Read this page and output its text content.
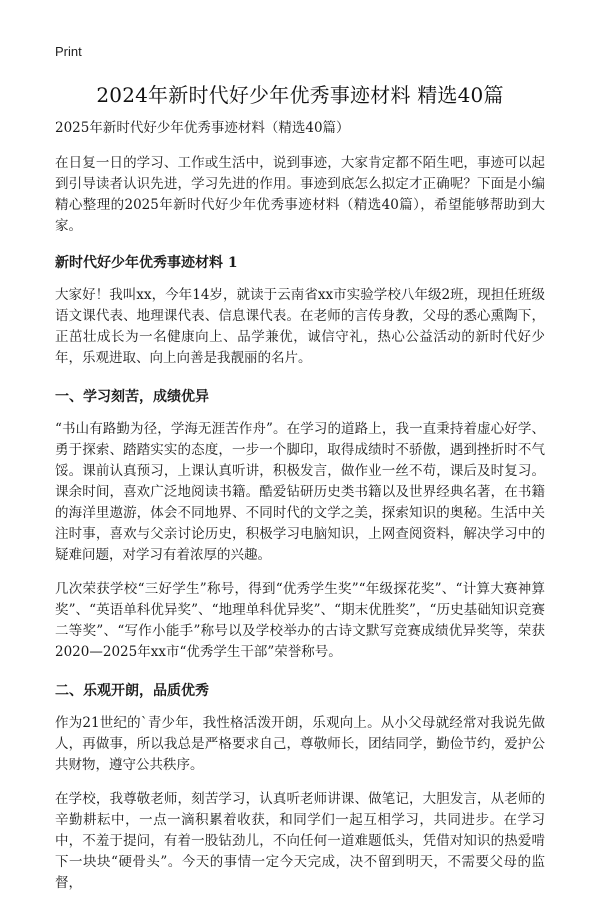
Print
2024年新时代好少年优秀事迹材料 精选40篇

2025年新时代好少年优秀事迹材料（精选40篇）

在日复一日的学习、工作或生活中，说到事迹，大家肯定都不陌生吧，事迹可以起到引导读者认识先进，学习先进的作用。事迹到底怎么拟定才正确呢？下面是小编精心整理的2025年新时代好少年优秀事迹材料（精选40篇），希望能够帮助到大家。

新时代好少年优秀事迹材料 1

大家好！我叫xx，今年14岁，就读于云南省xx市实验学校八年级2班，现担任班级语文课代表、地理课代表、信息课代表。在老师的言传身教，父母的悉心熏陶下，正茁壮成长为一名健康向上、品学兼优，诚信守礼，热心公益活动的新时代好少年，乐观进取、向上向善是我靓丽的名片。

一、学习刻苦，成绩优异

“书山有路勤为径，学海无涯苦作舟”。在学习的道路上，我一直秉持着虚心好学、勇于探索、踏踏实实的态度，一步一个脚印，取得成绩时不骄傲，遇到挫折时不气馁。课前认真预习，上课认真听讲，积极发言，做作业一丝不苟，课后及时复习。课余时间，喜欢广泛地阅读书籍。酷爱钻研历史类书籍以及世界经典名著，在书籍的海洋里遨游，体会不同地界、不同时代的文学之美，探索知识的奥秘。生活中关注时事，喜欢与父亲讨论历史，积极学习电脑知识，上网查阅资料，解决学习中的疑难问题，对学习有着浓厚的兴趣。

几次荣获学校“三好学生”称号，得到“优秀学生奖”“年级探花奖”、“计算大赛神算奖”、“英语单科优异奖”、“地理单科优异奖”、“期末优胜奖”，“历史基础知识竞赛二等奖”、“写作小能手”称号以及学校举办的古诗文默写竞赛成绩优异奖等，荣获2020—2025年xx市“优秀学生干部”荣誉称号。

二、乐观开朗，品质优秀

作为21世纪的`青少年，我性格活泼开朗，乐观向上。从小父母就经常对我说先做人，再做事，所以我总是严格要求自己，尊敬师长，团结同学，勤俭节约，爱护公共财物，遵守公共秩序。

在学校，我尊敬老师，刻苦学习，认真听老师讲课、做笔记，大胆发言，从老师的辛勤耕耘中，一点一滴积累着收获，和同学们一起互相学习，共同进步。在学习中，不羞于提问，有着一股钻劲儿，不向任何一道难题低头，凭借对知识的热爱啃下一块块“硬骨头”。今天的事情一定今天完成，决不留到明天，不需要父母的监督，
